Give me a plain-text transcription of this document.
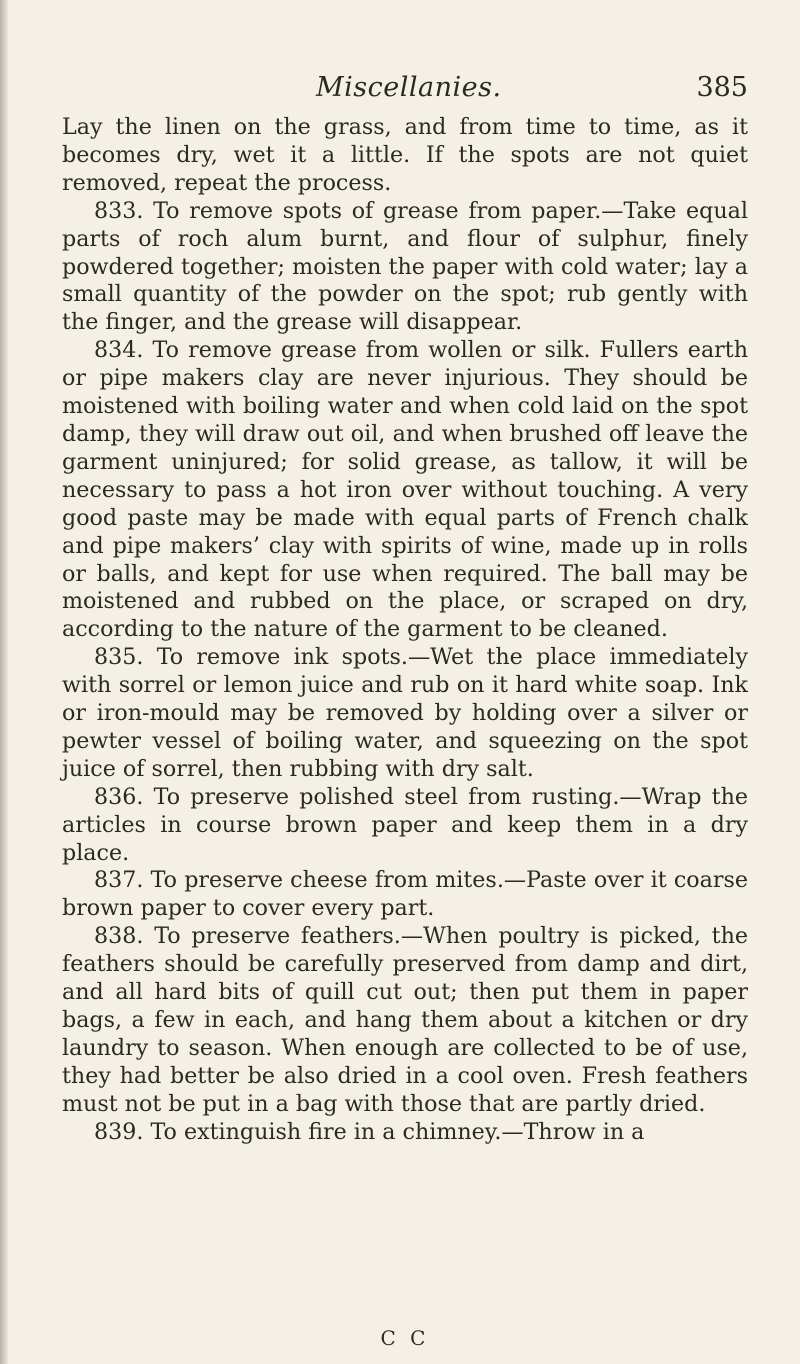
Miscellanies.	385

Lay the linen on the grass, and from time to time, as it becomes dry, wet it a little. If the spots are not quiet removed, repeat the process.

833. To remove spots of grease from paper.—Take equal parts of roch alum burnt, and flour of sulphur, finely powdered together; moisten the paper with cold water; lay a small quantity of the powder on the spot; rub gently with the finger, and the grease will disappear.

834. To remove grease from wollen or silk. Fullers earth or pipe makers clay are never injurious. They should be moistened with boiling water and when cold laid on the spot damp, they will draw out oil, and when brushed off leave the garment uninjured; for solid grease, as tallow, it will be necessary to pass a hot iron over without touching. A very good paste may be made with equal parts of French chalk and pipe makers’ clay with spirits of wine, made up in rolls or balls, and kept for use when required. The ball may be moistened and rubbed on the place, or scraped on dry, according to the nature of the garment to be cleaned.

835. To remove ink spots.—Wet the place immediately with sorrel or lemon juice and rub on it hard white soap. Ink or iron-mould may be removed by holding over a silver or pewter vessel of boiling water, and squeezing on the spot juice of sorrel, then rubbing with dry salt.

836. To preserve polished steel from rusting.—Wrap the articles in course brown paper and keep them in a dry place.

837. To preserve cheese from mites.—Paste over it coarse brown paper to cover every part.

838. To preserve feathers.—When poultry is picked, the feathers should be carefully preserved from damp and dirt, and all hard bits of quill cut out; then put them in paper bags, a few in each, and hang them about a kitchen or dry laundry to season. When enough are collected to be of use, they had better be also dried in a cool oven. Fresh feathers must not be put in a bag with those that are partly dried.

839. To extinguish fire in a chimney.—Throw in a

C C
